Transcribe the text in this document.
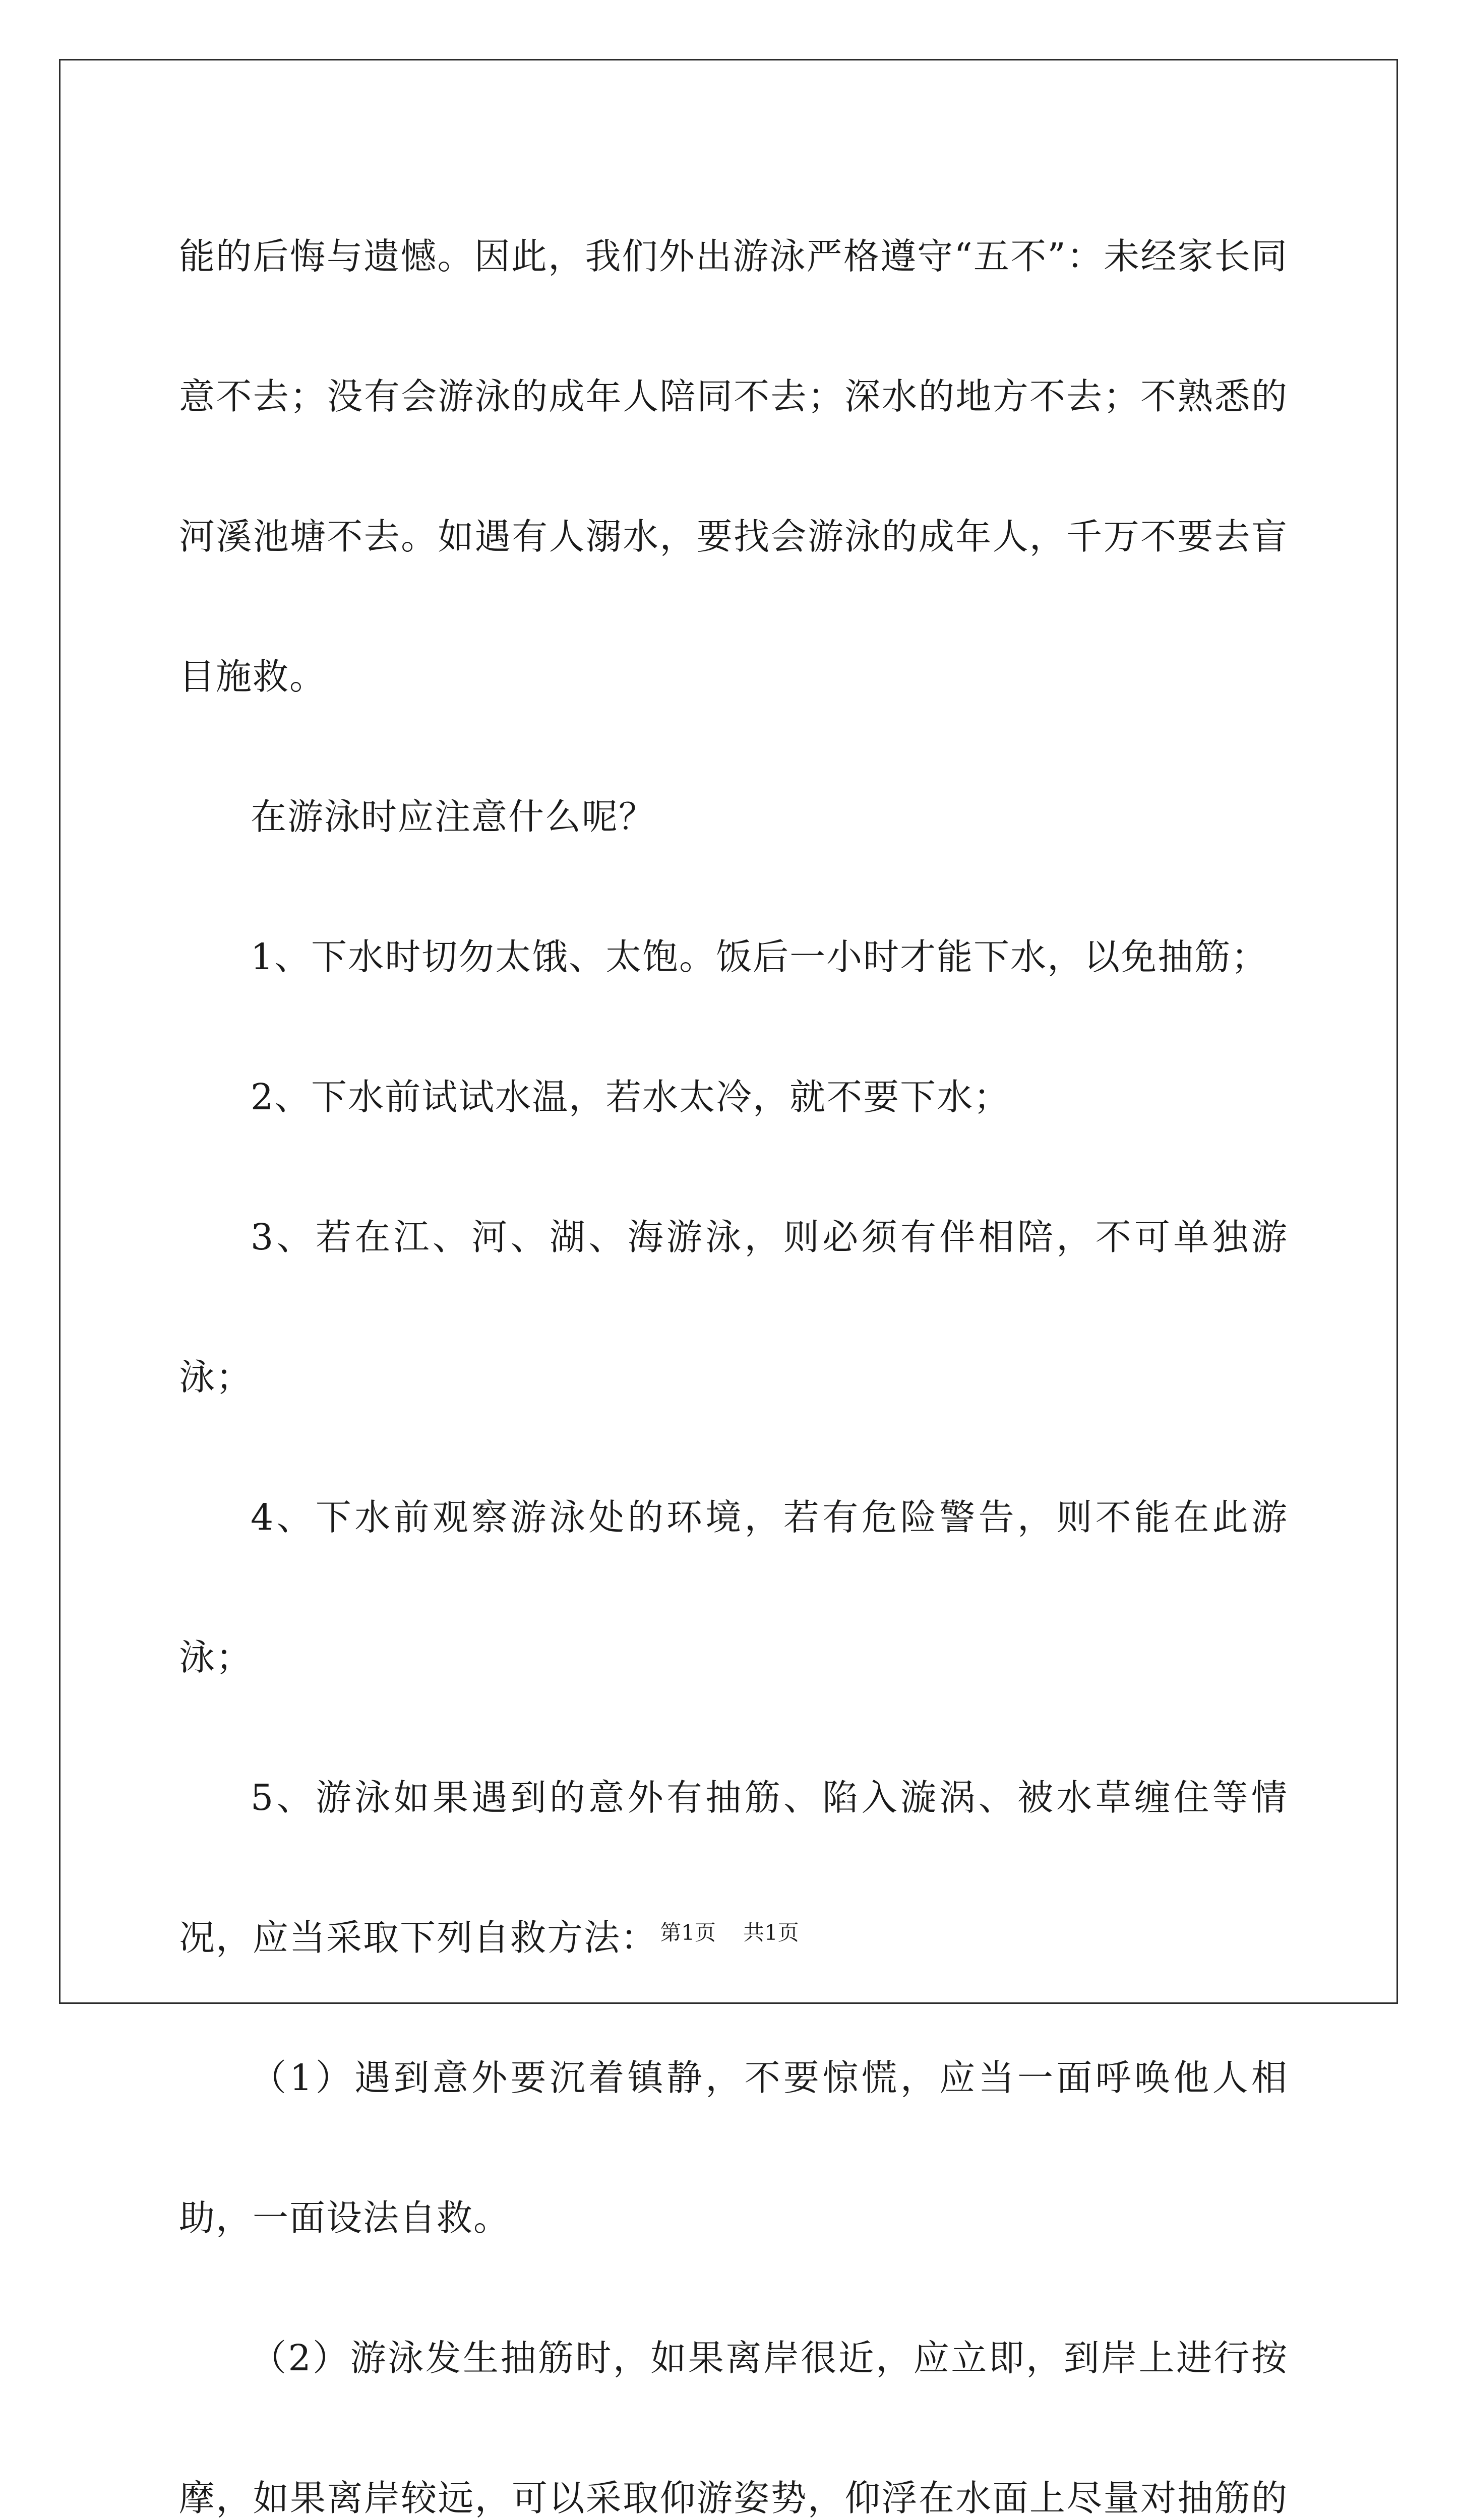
能的后悔与遗憾。因此，我们外出游泳严格遵守“五不”：未经家长同意不去；没有会游泳的成年人陪同不去；深水的地方不去；不熟悉的河溪池塘不去。如遇有人溺水，要找会游泳的成年人，千万不要去盲目施救。

在游泳时应注意什么呢？

1、下水时切勿太饿、太饱。饭后一小时才能下水，以免抽筋；

2、下水前试试水温，若水太冷，就不要下水；

3、若在江、河、湖、海游泳，则必须有伴相陪，不可单独游泳；

4、下水前观察游泳处的环境，若有危险警告，则不能在此游泳；

5、游泳如果遇到的意外有抽筋、陷入漩涡、被水草缠住等情况，应当采取下列自救方法：

（1）遇到意外要沉着镇静，不要惊慌，应当一面呼唤他人相助，一面设法自救。

（2）游泳发生抽筋时，如果离岸很近，应立即，到岸上进行按摩，如果离岸较远，可以采取仰游姿势，仰浮在水面上尽量对抽筋的

第1页 共1页
